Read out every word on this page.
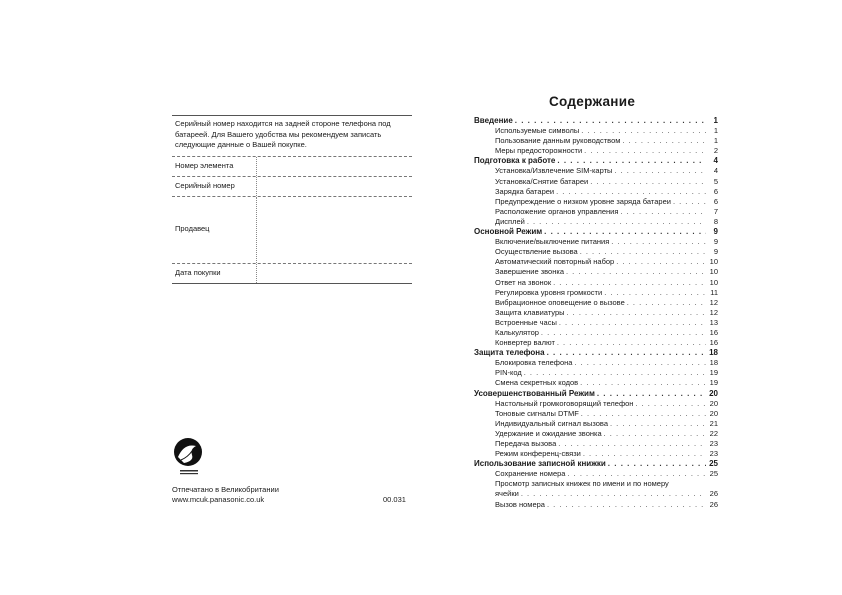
Серийный номер находится на задней стороне телефона под батареей. Для Вашего удобства мы рекомендуем записать следующие данные о Вашей покупке.
Номер элемента
Серийный номер
Продавец
Дата покупки
Отпечатано в Великобритании
www.mcuk.panasonic.co.uk	00.031
Содержание
Введение . . .	1
Используемые символы . . .	1
Пользование данным руководством . . .	1
Меры предосторожности . . .	2
Подготовка к работе . . .	4
Установка/Извлечение SIM-карты . . .	4
Установка/Снятие батареи . . .	5
Зарядка батареи . . .	6
Предупреждение о низком уровне заряда батареи . . .	6
Расположение органов управления . . .	7
Дисплей . . .	8
Основной Режим . . .	9
Включение/выключение питания . . .	9
Осуществление вызова . . .	9
Автоматический повторный набор . . .	10
Завершение звонка . . .	10
Ответ на звонок . . .	10
Регулировка уровня громкости . . .	11
Вибрационное оповещение о вызове . . .	12
Защита клавиатуры . . .	12
Встроенные часы . . .	13
Калькулятор . . .	16
Конвертер валют . . .	16
Защита телефона . . .	18
Блокировка телефона . . .	18
PIN-код . . .	19
Смена секретных кодов . . .	19
Усовершенствованный Режим . . .	20
Настольный громкоговорящий телефон . . .	20
Тоновые сигналы DTMF . . .	20
Индивидуальный сигнал вызова . . .	21
Удержание и ожидание звонка . . .	22
Передача вызова . . .	23
Режим конференц-связи . . .	23
Использование записной книжки . . .	25
Сохранение номера . . .	25
Просмотр записных книжек по имени и по номеру
ячейки . . .	26
Вызов номера . . .	26
